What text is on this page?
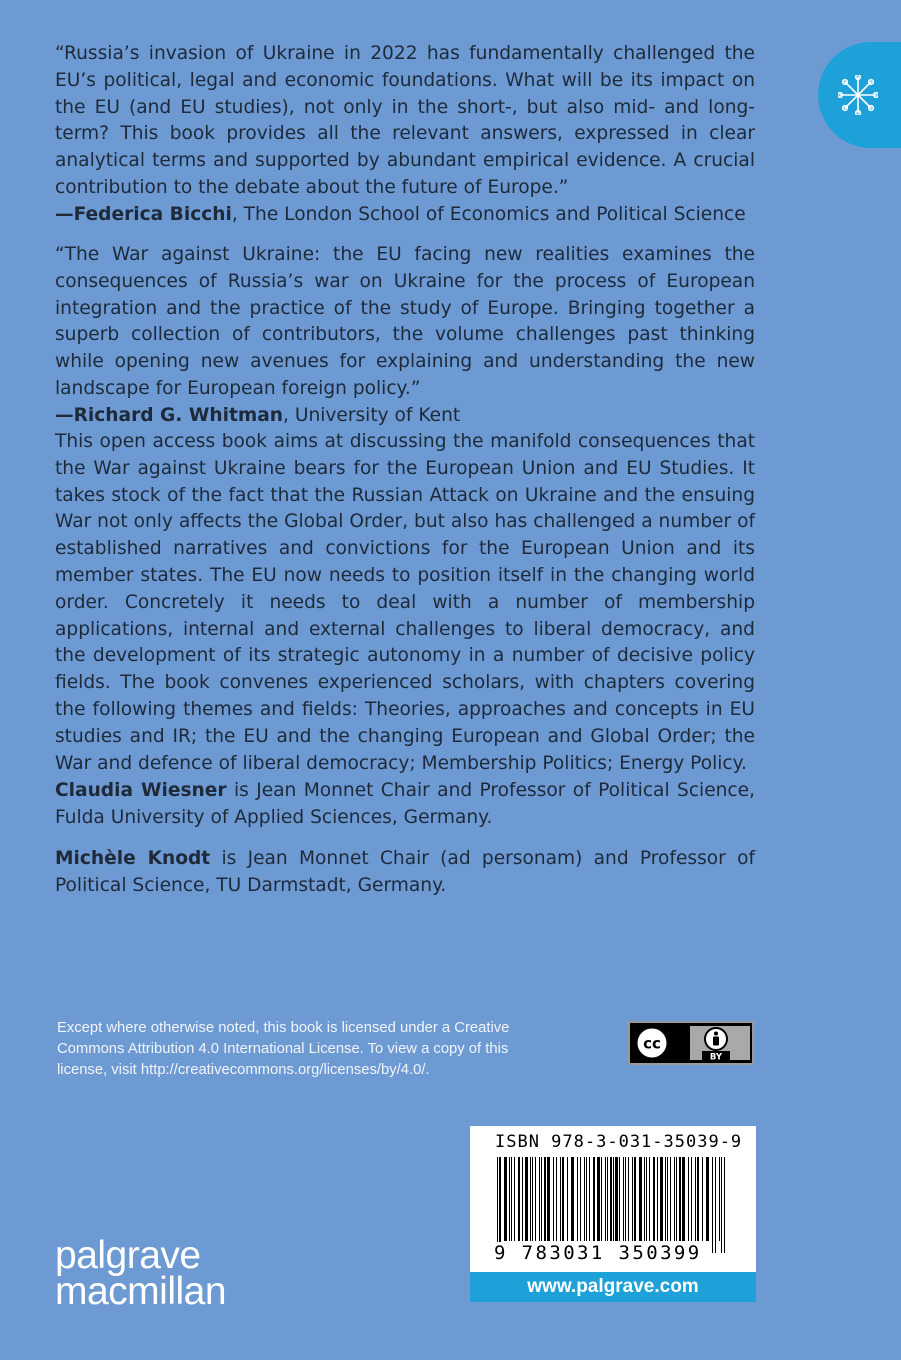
“Russia’s invasion of Ukraine in 2022 has fundamentally challenged the EU’s political, legal and economic foundations. What will be its impact on the EU (and EU studies), not only in the short-, but also mid- and long-term? This book provides all the relevant answers, expressed in clear analytical terms and supported by abundant empirical evidence. A crucial contribution to the debate about the future of Europe.”

—Federica Bicchi, The London School of Economics and Political Science

“The War against Ukraine: the EU facing new realities examines the consequences of Russia’s war on Ukraine for the process of European integration and the practice of the study of Europe. Bringing together a superb collection of contributors, the volume challenges past thinking while opening new avenues for explaining and understanding the new landscape for European foreign policy.”

—Richard G. Whitman, University of Kent

This open access book aims at discussing the manifold consequences that the War against Ukraine bears for the European Union and EU Studies. It takes stock of the fact that the Russian Attack on Ukraine and the ensuing War not only affects the Global Order, but also has challenged a number of established narratives and convictions for the European Union and its member states. The EU now needs to position itself in the changing world order. Concretely it needs to deal with a number of membership applications, internal and external challenges to liberal democracy, and the development of its strategic autonomy in a number of decisive policy fields. The book convenes experienced scholars, with chapters covering the following themes and fields: Theories, approaches and concepts in EU studies and IR; the EU and the changing European and Global Order; the War and defence of liberal democracy; Membership Politics; Energy Policy.

Claudia Wiesner is Jean Monnet Chair and Professor of Political Science, Fulda University of Applied Sciences, Germany.

Michèle Knodt is Jean Monnet Chair (ad personam) and Professor of Political Science, TU Darmstadt, Germany.

Except where otherwise noted, this book is licensed under a Creative Commons Attribution 4.0 International License. To view a copy of this license, visit http://creativecommons.org/licenses/by/4.0/.
cc
BY
ISBN 978-3-031-35039-9
9 783031 350399
www.palgrave.com
palgrave
macmillan
